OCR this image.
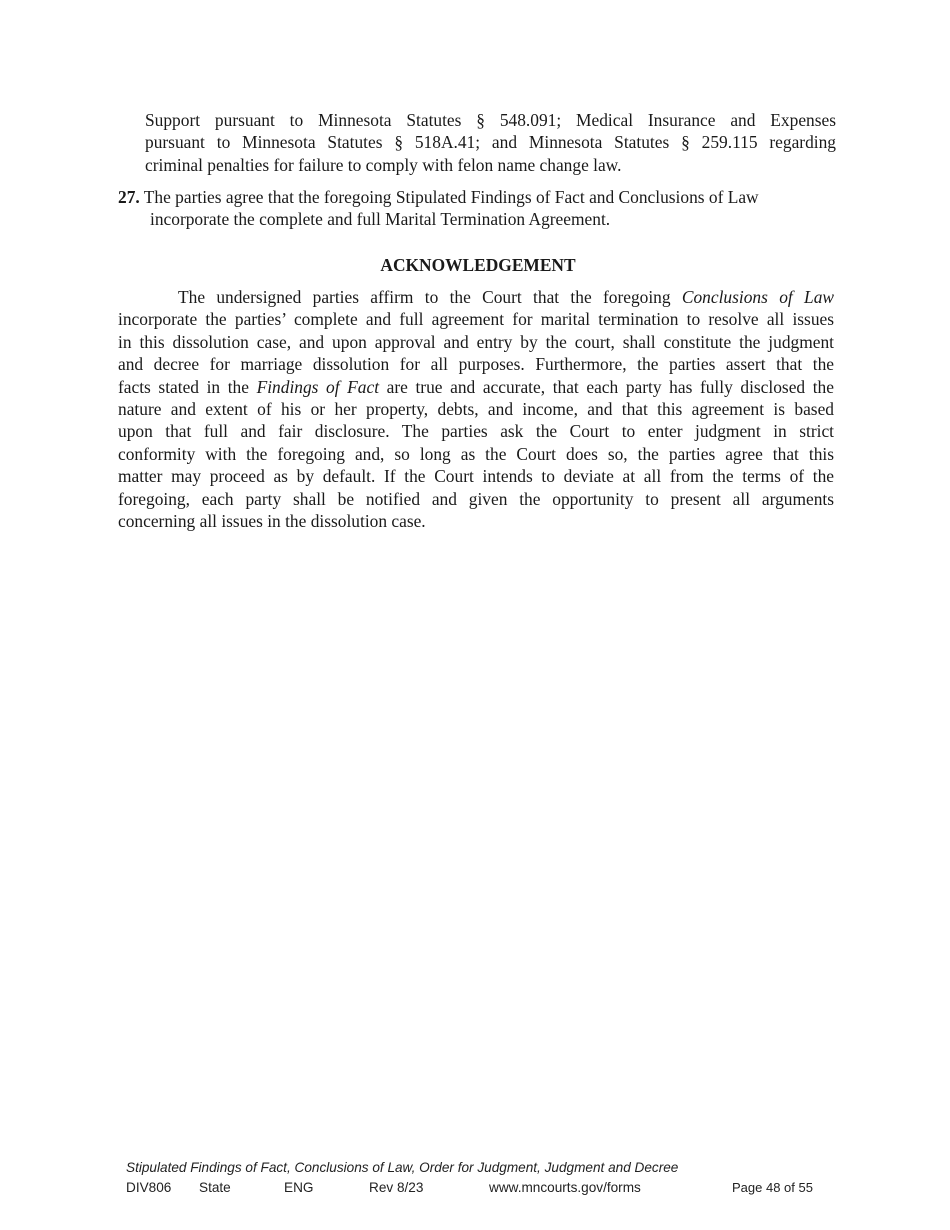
Support pursuant to Minnesota Statutes § 548.091; Medical Insurance and Expenses
pursuant to Minnesota Statutes § 518A.41; and Minnesota Statutes § 259.115 regarding
criminal penalties for failure to comply with felon name change law.
27. The parties agree that the foregoing Stipulated Findings of Fact and Conclusions of Law
incorporate the complete and full Marital Termination Agreement.
ACKNOWLEDGEMENT
The undersigned parties affirm to the Court that the foregoing Conclusions of Law
incorporate the parties’ complete and full agreement for marital termination to resolve all issues
in this dissolution case, and upon approval and entry by the court, shall constitute the judgment
and decree for marriage dissolution for all purposes. Furthermore, the parties assert that the
facts stated in the Findings of Fact are true and accurate, that each party has fully disclosed the
nature and extent of his or her property, debts, and income, and that this agreement is based
upon that full and fair disclosure. The parties ask the Court to enter judgment in strict
conformity with the foregoing and, so long as the Court does so, the parties agree that this
matter may proceed as by default. If the Court intends to deviate at all from the terms of the
foregoing, each party shall be notified and given the opportunity to present all arguments
concerning all issues in the dissolution case.
Stipulated Findings of Fact, Conclusions of Law, Order for Judgment, Judgment and Decree
DIV806 State	ENG	Rev 8/23	www.mncourts.gov/forms	Page 48 of 55
